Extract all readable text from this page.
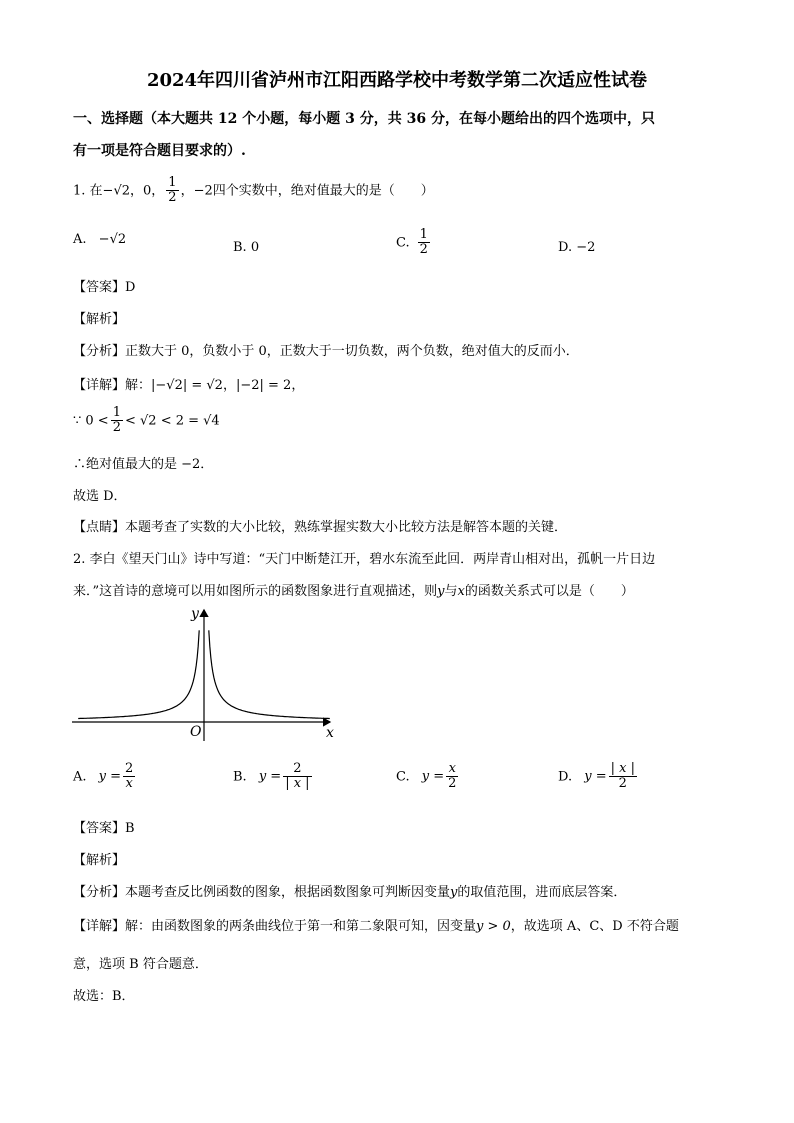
2024年四川省泸州市江阳西路学校中考数学第二次适应性试卷
一、选择题（本大题共 12 个小题，每小题 3 分，共 36 分，在每小题给出的四个选项中，只
有一项是符合题目要求的）.
1. 在−√2，0， $\frac{1}{2}$ ，−2四个实数中，绝对值最大的是（　　）
A. −√2
B. 0	C. $\frac{1}{2}$	D. −2
【答案】D
【解析】
【分析】正数大于 0，负数小于 0，正数大于一切负数，两个负数，绝对值大的反而小．
【详解】解：|−√2| = √2，|−2| = 2，
∵ $0 < \frac{1}{2} < √2 < 2 = √4$
∴绝对值最大的是 −2．
故选 D．
【点睛】本题考查了实数的大小比较，熟练掌握实数大小比较方法是解答本题的关键．
2. 李白《望天门山》诗中写道：“天门中断楚江开，碧水东流至此回．两岸青山相对出，孤帆一片日边
来．”这首诗的意境可以用如图所示的函数图象进行直观描述，则y与x的函数关系式可以是（　　）
x
y
O
A. $y = \frac{2}{x}$	B. $y = \frac{2}{| x |}$	C. $y = \frac{x}{2}$	D. $y = \frac{| x |}{2}$
【答案】B
【解析】
【分析】本题考查反比例函数的图象，根据函数图象可判断因变量y的取值范围，进而底层答案．
【详解】解：由函数图象的两条曲线位于第一和第二象限可知，因变量y > 0，故选项 A、C、D 不符合题
意，选项 B 符合题意．
故选：B．
